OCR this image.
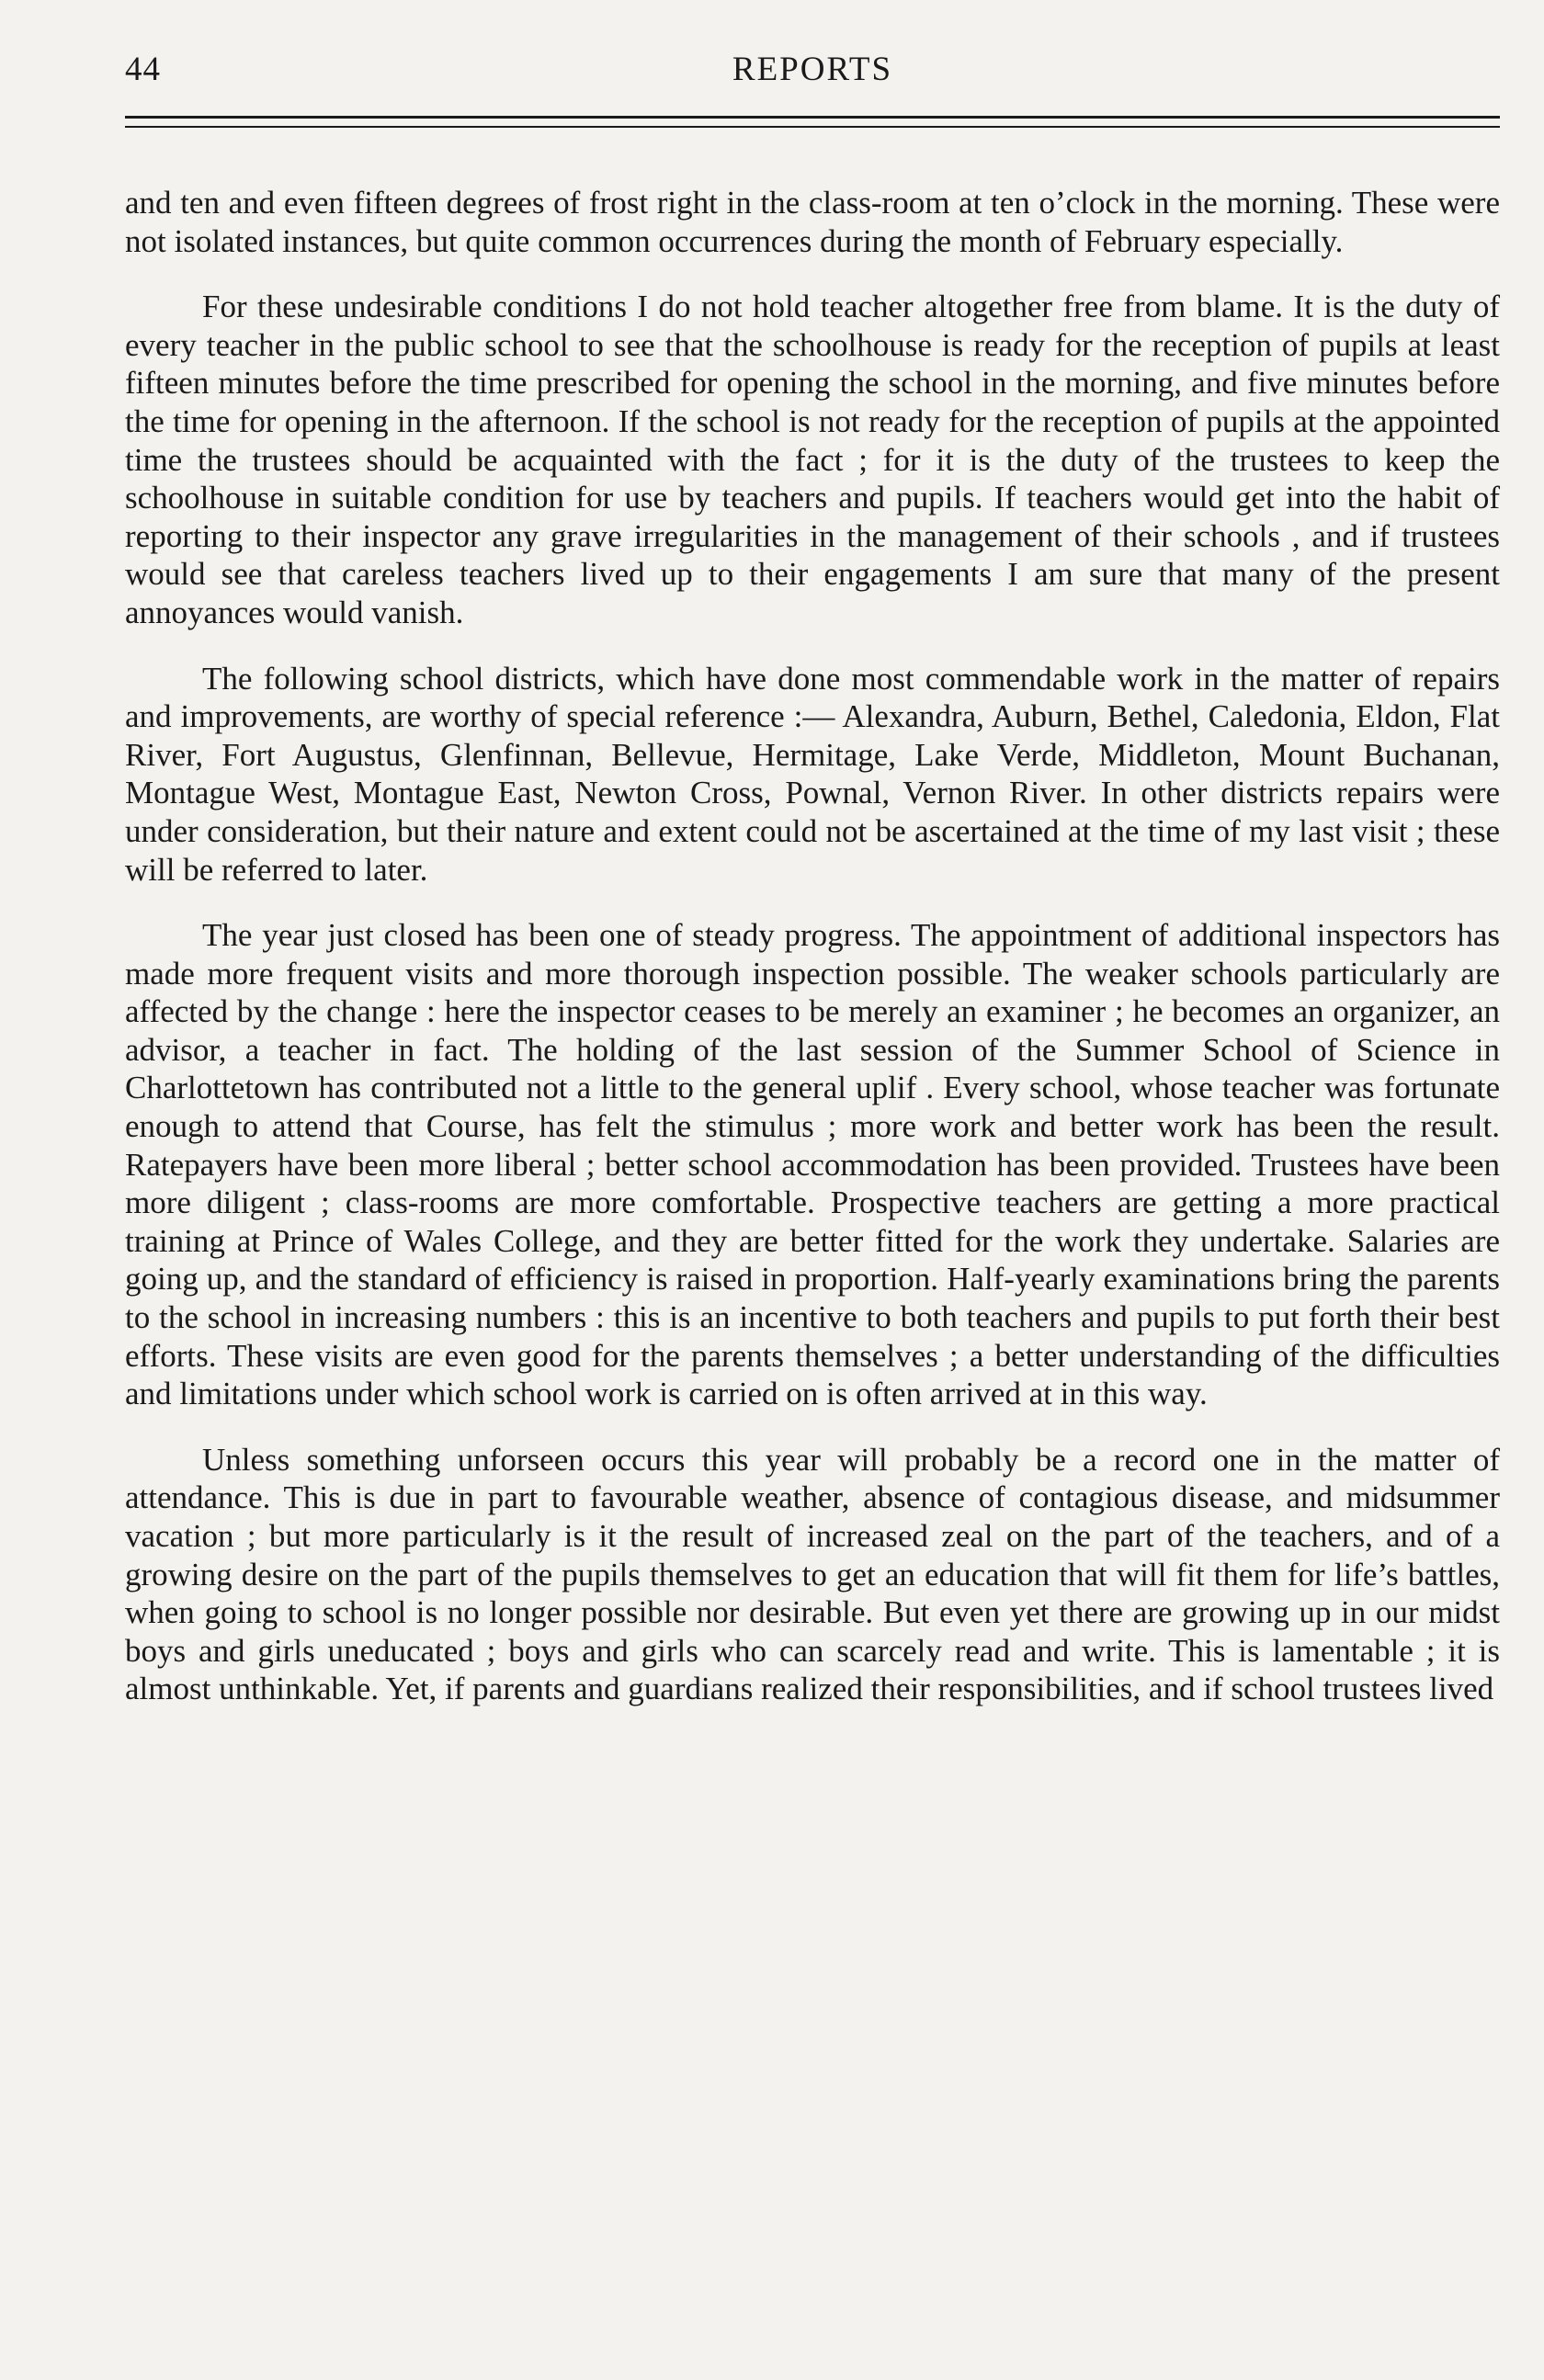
44	REPORTS

and ten and even fifteen degrees of frost right in the class-room at ten o’clock in the morning. These were not isolated instances, but quite common occurrences during the month of February especially.

For these undesirable conditions I do not hold teacher altogether free from blame. It is the duty of every teacher in the public school to see that the schoolhouse is ready for the reception of pupils at least fifteen minutes before the time prescribed for opening the school in the morning, and five minutes before the time for opening in the afternoon. If the school is not ready for the reception of pupils at the appointed time the trustees should be acquainted with the fact ; for it is the duty of the trustees to keep the schoolhouse in suitable condition for use by teachers and pupils. If teachers would get into the habit of reporting to their inspector any grave irregularities in the management of their schools , and if trustees would see that careless teachers lived up to their engagements I am sure that many of the present annoyances would vanish.

The following school districts, which have done most commendable work in the matter of repairs and improvements, are worthy of special reference :— Alexandra, Auburn, Bethel, Caledonia, Eldon, Flat River, Fort Augustus, Glenfinnan, Bellevue, Hermitage, Lake Verde, Middleton, Mount Buchanan, Montague West, Montague East, Newton Cross, Pownal, Vernon River. In other districts repairs were under consideration, but their nature and extent could not be ascertained at the time of my last visit ; these will be referred to later.

The year just closed has been one of steady progress. The appointment of additional inspectors has made more frequent visits and more thorough inspection possible. The weaker schools particularly are affected by the change : here the inspector ceases to be merely an examiner ; he becomes an organizer, an advisor, a teacher in fact. The holding of the last session of the Summer School of Science in Charlottetown has contributed not a little to the general uplif . Every school, whose teacher was fortunate enough to attend that Course, has felt the stimulus ; more work and better work has been the result. Ratepayers have been more liberal ; better school accommodation has been provided. Trustees have been more diligent ; class-rooms are more comfortable. Prospective teachers are getting a more practical training at Prince of Wales College, and they are better fitted for the work they undertake. Salaries are going up, and the standard of efficiency is raised in proportion. Half-yearly examinations bring the parents to the school in increasing numbers : this is an incentive to both teachers and pupils to put forth their best efforts. These visits are even good for the parents themselves ; a better understanding of the difficulties and limitations under which school work is carried on is often arrived at in this way.

Unless something unforseen occurs this year will probably be a record one in the matter of attendance. This is due in part to favourable weather, absence of contagious disease, and midsummer vacation ; but more particularly is it the result of increased zeal on the part of the teachers, and of a growing desire on the part of the pupils themselves to get an education that will fit them for life’s battles, when going to school is no longer possible nor desirable. But even yet there are growing up in our midst boys and girls uneducated ; boys and girls who can scarcely read and write. This is lamentable ; it is almost unthinkable. Yet, if parents and guardians realized their responsibilities, and if school trustees lived
